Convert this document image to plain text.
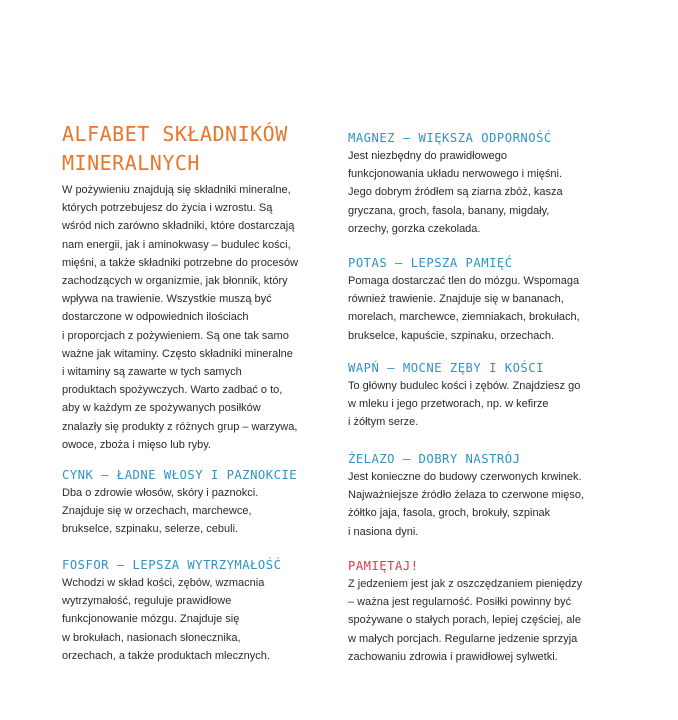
ALFABET SKŁADNIKÓW
MINERALNYCH

W pożywieniu znajdują się składniki mineralne,
których potrzebujesz do życia i wzrostu. Są
wśród nich zarówno składniki, które dostarczają
nam energii, jak i aminokwasy – budulec kości,
mięśni, a także składniki potrzebne do procesów
zachodzących w organizmie, jak błonnik, który
wpływa na trawienie. Wszystkie muszą być
dostarczone w odpowiednich ilościach
i proporcjach z pożywieniem. Są one tak samo
ważne jak witaminy. Często składniki mineralne
i witaminy są zawarte w tych samych
produktach spożywczych. Warto zadbać o to,
aby w każdym ze spożywanych posiłków
znalazły się produkty z różnych grup – warzywa,
owoce, zboża i mięso lub ryby.

CYNK – ŁADNE WŁOSY I PAZNOKCIE

Dba o zdrowie włosów, skóry i paznokci.
Znajduje się w orzechach, marchewce,
brukselce, szpinaku, selerze, cebuli.

FOSFOR – LEPSZA WYTRZYMAŁOŚĆ

Wchodzi w skład kości, zębów, wzmacnia
wytrzymałość, reguluje prawidłowe
funkcjonowanie mózgu. Znajduje się
w brokułach, nasionach słonecznika,
orzechach, a także produktach mlecznych.

MAGNEZ – WIĘKSZA ODPORNOŚĆ

Jest niezbędny do prawidłowego
funkcjonowania układu nerwowego i mięśni.
Jego dobrym źródłem są ziarna zbóż, kasza
gryczana, groch, fasola, banany, migdały,
orzechy, gorzka czekolada.

POTAS – LEPSZA PAMIĘĆ

Pomaga dostarczać tlen do mózgu. Wspomaga
również trawienie. Znajduje się w bananach,
morelach, marchewce, ziemniakach, brokułach,
brukselce, kapuście, szpinaku, orzechach.

WAPŃ – MOCNE ZĘBY I KOŚCI

To główny budulec kości i zębów. Znajdziesz go
w mleku i jego przetworach, np. w kefirze
i żółtym serze.

ŻELAZO – DOBRY NASTRÓJ

Jest konieczne do budowy czerwonych krwinek.
Najważniejsze źródło żelaza to czerwone mięso,
żółtko jaja, fasola, groch, brokuły, szpinak
i nasiona dyni.

PAMIĘTAJ!

Z jedzeniem jest jak z oszczędzaniem pieniędzy
– ważna jest regularność. Posiłki powinny być
spożywane o stałych porach, lepiej częściej, ale
w małych porcjach. Regularne jedzenie sprzyja
zachowaniu zdrowia i prawidłowej sylwetki.
